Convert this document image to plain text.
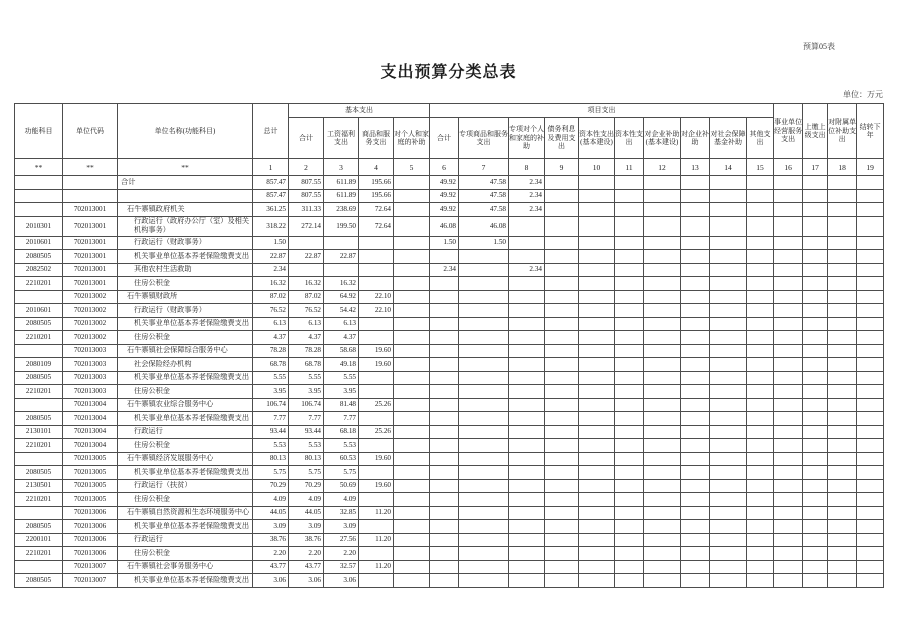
预算05表
支出预算分类总表
单位：万元
功能科目	单位代码	单位名称(功能科目)	总计	基本支出				项目支出										事业单位经营服务支出	上缴上级支出	对附属单位补助支出	结转下年
				合计	工资福利支出	商品和服务支出	对个人和家庭的补助	合计	专项商品和服务支出	专项对个人和家庭的补助	债务利息及费用支出	资本性支出(基本建设)	资本性支出	对企业补助(基本建设)	对企业补助	对社会保障基金补助	其他支出				
**	**	**	1	2	3	4	5	6	7	8	9	10	11	12	13	14	15	16	17	18	19

		合计	857.47	807.55	611.89	195.66		49.92	47.58	2.34											

	857.47	807.55	611.89	195.66		49.92	47.58	2.34											
	702013001	石牛寨镇政府机关	361.25	311.33	238.69	72.64		49.92	47.58	2.34											
2010301	702013001	行政运行（政府办公厅（室）及相关机构事务）	318.22	272.14	199.50	72.64		46.08	46.08												
2010601	702013001	行政运行（财政事务）	1.50					1.50	1.50												
2080505	702013001	机关事业单位基本养老保险缴费支出	22.87	22.87	22.87																
2082502	702013001	其他农村生活救助	2.34					2.34		2.34											
2210201	702013001	住房公积金	16.32	16.32	16.32																
	702013002	石牛寨镇财政所	87.02	87.02	64.92	22.10															
2010601	702013002	行政运行（财政事务）	76.52	76.52	54.42	22.10															
2080505	702013002	机关事业单位基本养老保险缴费支出	6.13	6.13	6.13																
2210201	702013002	住房公积金	4.37	4.37	4.37																
	702013003	石牛寨镇社会保障综合服务中心	78.28	78.28	58.68	19.60															
2080109	702013003	社会保险经办机构	68.78	68.78	49.18	19.60															
2080505	702013003	机关事业单位基本养老保险缴费支出	5.55	5.55	5.55																
2210201	702013003	住房公积金	3.95	3.95	3.95																
	702013004	石牛寨镇农业综合服务中心	106.74	106.74	81.48	25.26															
2080505	702013004	机关事业单位基本养老保险缴费支出	7.77	7.77	7.77																
2130101	702013004	行政运行	93.44	93.44	68.18	25.26															
2210201	702013004	住房公积金	5.53	5.53	5.53																
	702013005	石牛寨镇经济发展服务中心	80.13	80.13	60.53	19.60															
2080505	702013005	机关事业单位基本养老保险缴费支出	5.75	5.75	5.75																
2130501	702013005	行政运行（扶贫）	70.29	70.29	50.69	19.60															
2210201	702013005	住房公积金	4.09	4.09	4.09																
	702013006	石牛寨镇自然资源和生态环境服务中心	44.05	44.05	32.85	11.20															
2080505	702013006	机关事业单位基本养老保险缴费支出	3.09	3.09	3.09																
2200101	702013006	行政运行	38.76	38.76	27.56	11.20															
2210201	702013006	住房公积金	2.20	2.20	2.20																
	702013007	石牛寨镇社会事务服务中心	43.77	43.77	32.57	11.20															
2080505	702013007	机关事业单位基本养老保险缴费支出	3.06	3.06	3.06																
